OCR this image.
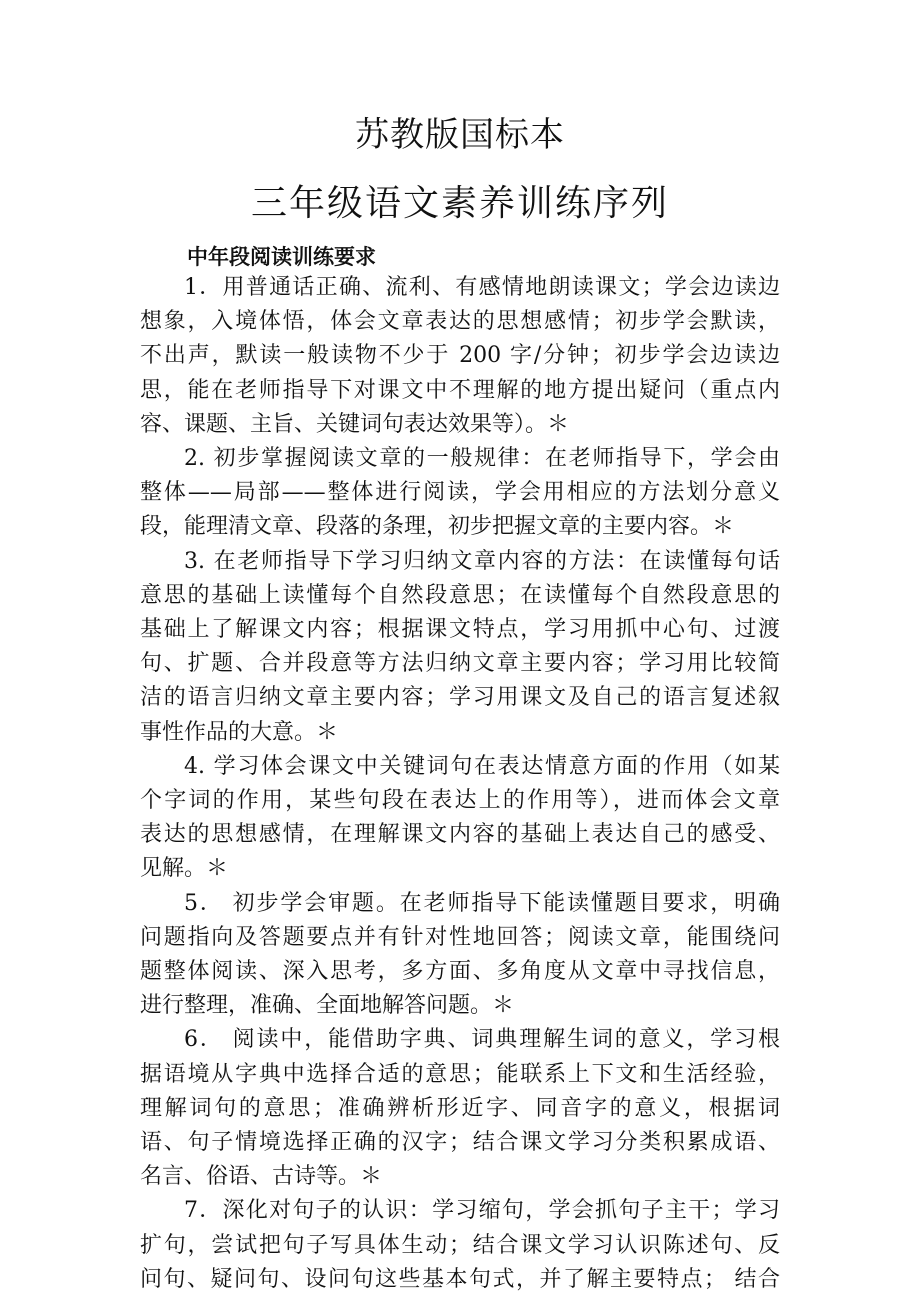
苏教版国标本
三年级语文素养训练序列
中年段阅读训练要求

1．用普通话正确、流利、有感情地朗读课文；学会边读边
想象，入境体悟，体会文章表达的思想感情；初步学会默读，
不出声，默读一般读物不少于 200 字/分钟；初步学会边读边
思，能在老师指导下对课文中不理解的地方提出疑问（重点内
容、课题、主旨、关键词句表达效果等）。＊

2. 初步掌握阅读文章的一般规律：在老师指导下，学会由
整体——局部——整体进行阅读，学会用相应的方法划分意义
段，能理清文章、段落的条理，初步把握文章的主要内容。＊

3. 在老师指导下学习归纳文章内容的方法：在读懂每句话
意思的基础上读懂每个自然段意思；在读懂每个自然段意思的
基础上了解课文内容；根据课文特点，学习用抓中心句、过渡
句、扩题、合并段意等方法归纳文章主要内容；学习用比较简
洁的语言归纳文章主要内容；学习用课文及自己的语言复述叙
事性作品的大意。＊

4. 学习体会课文中关键词句在表达情意方面的作用（如某
个字词的作用，某些句段在表达上的作用等），进而体会文章
表达的思想感情，在理解课文内容的基础上表达自己的感受、
见解。＊

5． 初步学会审题。在老师指导下能读懂题目要求，明确
问题指向及答题要点并有针对性地回答；阅读文章，能围绕问
题整体阅读、深入思考，多方面、多角度从文章中寻找信息，
进行整理，准确、全面地解答问题。＊

6． 阅读中，能借助字典、词典理解生词的意义，学习根
据语境从字典中选择合适的意思；能联系上下文和生活经验，
理解词句的意思；准确辨析形近字、同音字的意义，根据词
语、句子情境选择正确的汉字；结合课文学习分类积累成语、
名言、俗语、古诗等。＊

7．深化对句子的认识：学习缩句，学会抓句子主干；学习
扩句，尝试把句子写具体生动；结合课文学习认识陈述句、反
问句、疑问句、设问句这些基本句式，并了解主要特点； 结合
